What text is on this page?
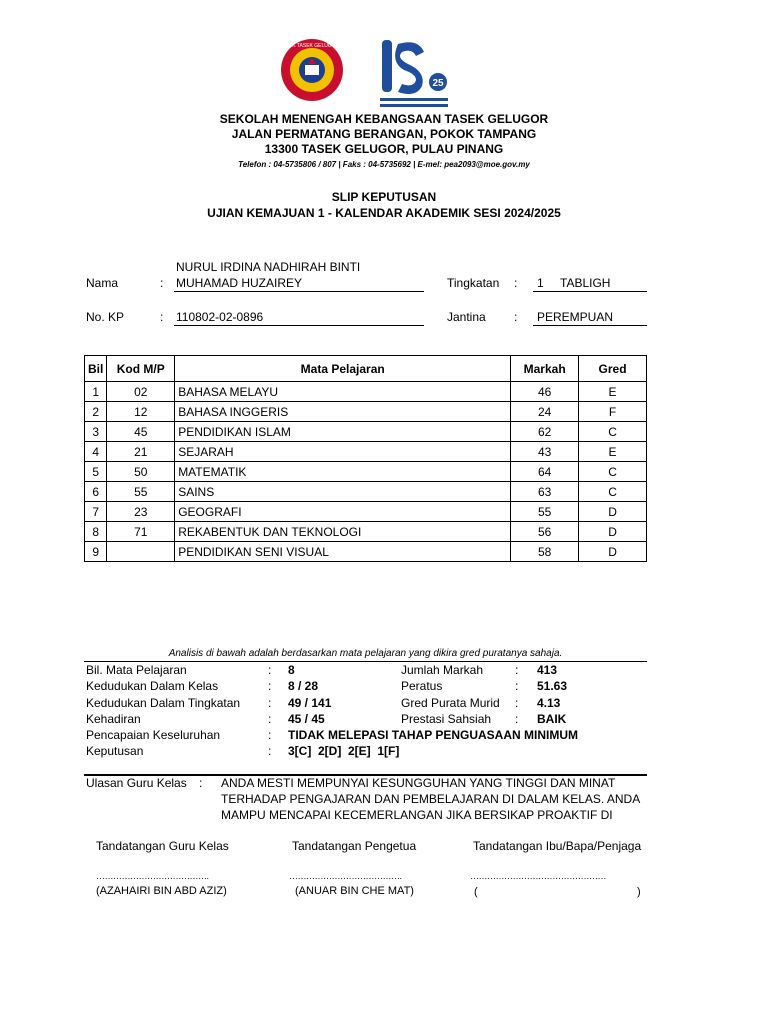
SMK TASEK GELUGOR
25
SEKOLAH MENENGAH KEBANGSAAN TASEK GELUGOR
JALAN PERMATANG BERANGAN, POKOK TAMPANG
13300 TASEK GELUGOR, PULAU PINANG
Telefon : 04-5735806 / 807 | Faks : 04-5735692 | E-mel: pea2093@moe.gov.my
SLIP KEPUTUSAN
UJIAN KEMAJUAN 1 - KALENDAR AKADEMIK SESI 2024/2025
Nama	:
NURUL IRDINA NADHIRAH BINTI
MUHAMAD HUZAIREY	Tingkatan : 1 TABLIGH
No. KP	: 110802-02-0896	Jantina :	PEREMPUAN
Bil	Kod M/P	Mata Pelajaran	Markah	Gred
1	02	BAHASA MELAYU	46	E
2	12	BAHASA INGGERIS	24	F
3	45	PENDIDIKAN ISLAM	62	C
4	21	SEJARAH	43	E
5	50	MATEMATIK	64	C
6	55	SAINS	63	C
7	23	GEOGRAFI	55	D
8	71	REKABENTUK DAN TEKNOLOGI	56	D
9		PENDIDIKAN SENI VISUAL	58	D
Analisis di bawah adalah berdasarkan mata pelajaran yang dikira gred puratanya sahaja.
Bil. Mata Pelajaran	: 8
Kedudukan Dalam Kelas	: 8 / 28
Kedudukan Dalam Tingkatan : 49 / 141
Kehadiran	: 45 / 45
Pencapaian Keseluruhan	: TIDAK MELEPASI TAHAP PENGUASAAN MINIMUM
Keputusan	: 3[C]  2[D]  2[E]  1[F]
Jumlah Markah	: 413
Peratus	: 51.63
Gred Purata Murid : 4.13
Prestasi Sahsiah : BAIK
Ulasan Guru Kelas : ANDA MESTI MEMPUNYAI KESUNGGUHAN YANG TINGGI DAN MINAT
TERHADAP PENGAJARAN DAN PEMBELAJARAN DI DALAM KELAS. ANDA
MAMPU MENCAPAI KECEMERLANGAN JIKA BERSIKAP PROAKTIF DI
Tandatangan Guru Kelas	Tandatangan Pengetua	Tandatangan Ibu/Bapa/Penjaga
………………………………….	………………………………….	…………………………………………
(AZAHAIRI BIN ABD AZIZ)	(ANUAR BIN CHE MAT)	(	)
